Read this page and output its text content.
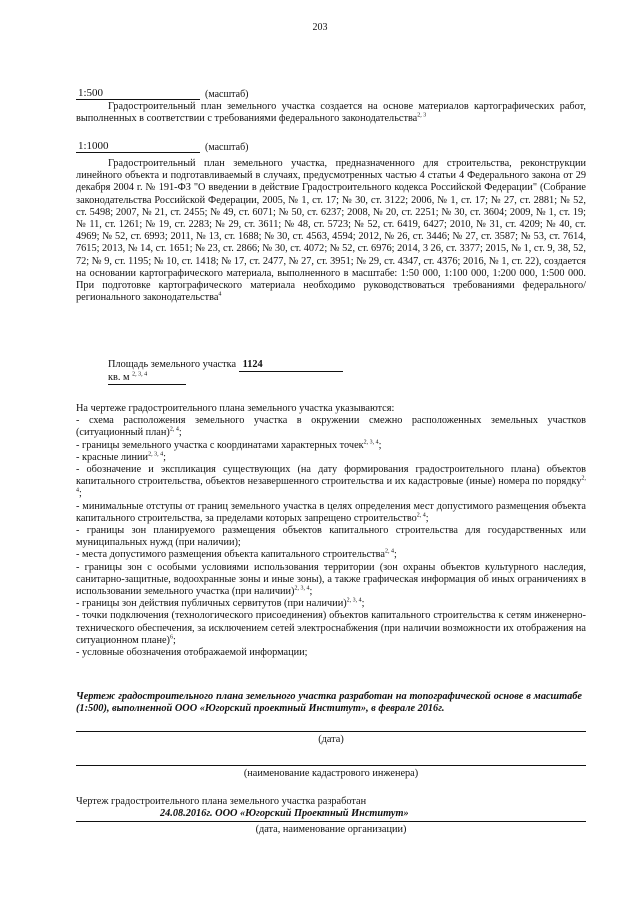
203
1:500	(масштаб)
Градостроительный план земельного участка создается на основе материалов картографических работ, выполненных в соответствии с требованиями федерального законодательства$^{2, 3}$
1:1000	(масштаб)
Градостроительный план земельного участка, предназначенного для строительства, реконструкции линейного объекта и подготавливаемый в случаях, предусмотренных частью 4 статьи 4 Федерального закона от 29 декабря 2004 г. № 191-ФЗ "О введении в действие Градостроительного кодекса Российской Федерации" (Собрание законодательства Российской Федерации, 2005, № 1, ст. 17; № 30, ст. 3122; 2006, № 1, ст. 17; № 27, ст. 2881; № 52, ст. 5498; 2007, № 21, ст. 2455; № 49, ст. 6071; № 50, ст. 6237; 2008, № 20, ст. 2251; № 30, ст. 3604; 2009, № 1, ст. 19; № 11, ст. 1261; № 19, ст. 2283; № 29, ст. 3611; № 48, ст. 5723; № 52, ст. 6419, 6427; 2010, № 31, ст. 4209; № 40, ст. 4969; № 52, ст. 6993; 2011, № 13, ст. 1688; № 30, ст. 4563, 4594; 2012, № 26, ст. 3446; № 27, ст. 3587; № 53, ст. 7614, 7615; 2013, № 14, ст. 1651; № 23, ст. 2866; № 30, ст. 4072; № 52, ст. 6976; 2014, 3 26, ст. 3377; 2015, № 1, ст. 9, 38, 52, 72; № 9, ст. 1195; № 10, ст. 1418; № 17, ст. 2477, № 27, ст. 3951; № 29, ст. 4347, ст. 4376; 2016, № 1, ст. 22), создается на основании картографического материала, выполненного в масштабе: 1:50 000, 1:100 000, 1:200 000, 1:500 000. При подготовке картографического материала необходимо руководствоваться требованиями федерального/регионального законодательства$^4$
Площадь земельного участка 1124 кв. м $^{2, 3, 4}$
На чертеже градостроительного плана земельного участка указываются:
- схема расположения земельного участка в окружении смежно расположенных земельных участков (ситуационный план)$^{2, 4}$;
- границы земельного участка с координатами характерных точек$^{2, 3, 4}$;
- красные линии$^{2, 3, 4}$;
- обозначение и экспликация существующих (на дату формирования градостроительного плана) объектов капитального строительства, объектов незавершенного строительства и их кадастровые (иные) номера по порядку$^{2, 4}$;
- минимальные отступы от границ земельного участка в целях определения мест допустимого размещения объекта капитального строительства, за пределами которых запрещено строительство$^{2, 4}$;
- границы зон планируемого размещения объектов капитального строительства для государственных или муниципальных нужд (при наличии);
- места допустимого размещения объекта капитального строительства$^{2, 4}$;
- границы зон с особыми условиями использования территории (зон охраны объектов культурного наследия, санитарно-защитные, водоохранные зоны и иные зоны), а также графическая информация об иных ограничениях в использовании земельного участка (при наличии)$^{2, 3, 4}$;
- границы зон действия публичных сервитутов (при наличии)$^{2, 3, 4}$;
- точки подключения (технологического присоединения) объектов капитального строительства к сетям инженерно-технического обеспечения, за исключением сетей электроснабжения (при наличии возможности их отображения на ситуационном плане)$^6$;
- условные обозначения отображаемой информации;
Чертеж градостроительного плана земельного участка разработан на топографической основе в масштабе (1:500), выполненной ООО «Югорский проектный Институт», в феврале 2016г.
(дата)
(наименование кадастрового инженера)
Чертеж градостроительного плана земельного участка разработан
24.08.2016г. ООО «Югорский Проектный Институт»
(дата, наименование организации)
